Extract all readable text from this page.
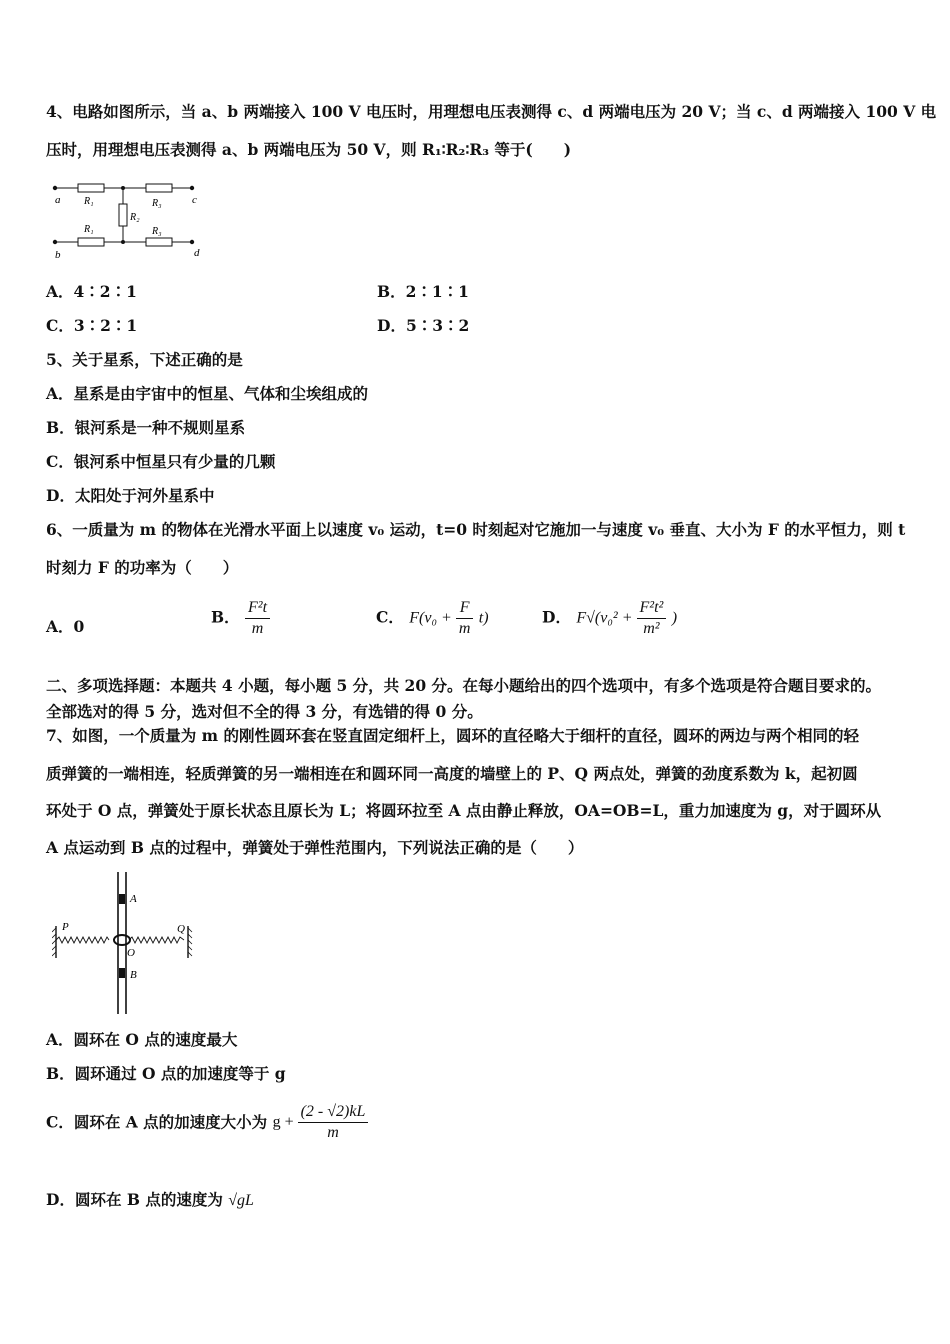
4、电路如图所示，当 a、b 两端接入 100 V 电压时，用理想电压表测得 c、d 两端电压为 20 V；当 c、d 两端接入 100 V 电
压时，用理想电压表测得 a、b 两端电压为 50 V，则 R₁∶R₂∶R₃ 等于(　　)
a
b
c
d
R₁
R₁
R₂
R₃
R₃
A．4∶2∶1	B．2∶1∶1
C．3∶2∶1	D．5∶3∶2
5、关于星系，下述正确的是
A．星系是由宇宙中的恒星、气体和尘埃组成的
B．银河系是一种不规则星系
C．银河系中恒星只有少量的几颗
D．太阳处于河外星系中
6、一质量为 m 的物体在光滑水平面上以速度 v₀ 运动，t=0 时刻起对它施加一与速度 v₀ 垂直、大小为 F 的水平恒力，则 t
时刻力 F 的功率为（　　）
A．0	B． $\frac{\text{F²t}}{m}$	C． $F(v_0 + \frac{F}{m} t)$	D． $F√(v_0^2 + \frac{\text{F²t²}}{\text{m²}}$ )
二、多项选择题：本题共 4 小题，每小题 5 分，共 20 分。在每小题给出的四个选项中，有多个选项是符合题目要求的。
全部选对的得 5 分，选对但不全的得 3 分，有选错的得 0 分。
7、如图，一个质量为 m 的刚性圆环套在竖直固定细杆上，圆环的直径略大于细杆的直径，圆环的两边与两个相同的轻
质弹簧的一端相连，轻质弹簧的另一端相连在和圆环同一高度的墙壁上的 P、Q 两点处，弹簧的劲度系数为 k，起初圆
环处于 O 点，弹簧处于原长状态且原长为 L；将圆环拉至 A 点由静止释放，OA=OB=L，重力加速度为 g，对于圆环从
A 点运动到 B 点的过程中，弹簧处于弹性范围内，下列说法正确的是（　　）
A
B
O
P	Q
A．圆环在 O 点的速度最大
B．圆环通过 O 点的加速度等于 g
C．圆环在 A 点的加速度大小为 $g + \frac{(2 - √2)kL}{m}$
D．圆环在 B 点的速度为 √gL
